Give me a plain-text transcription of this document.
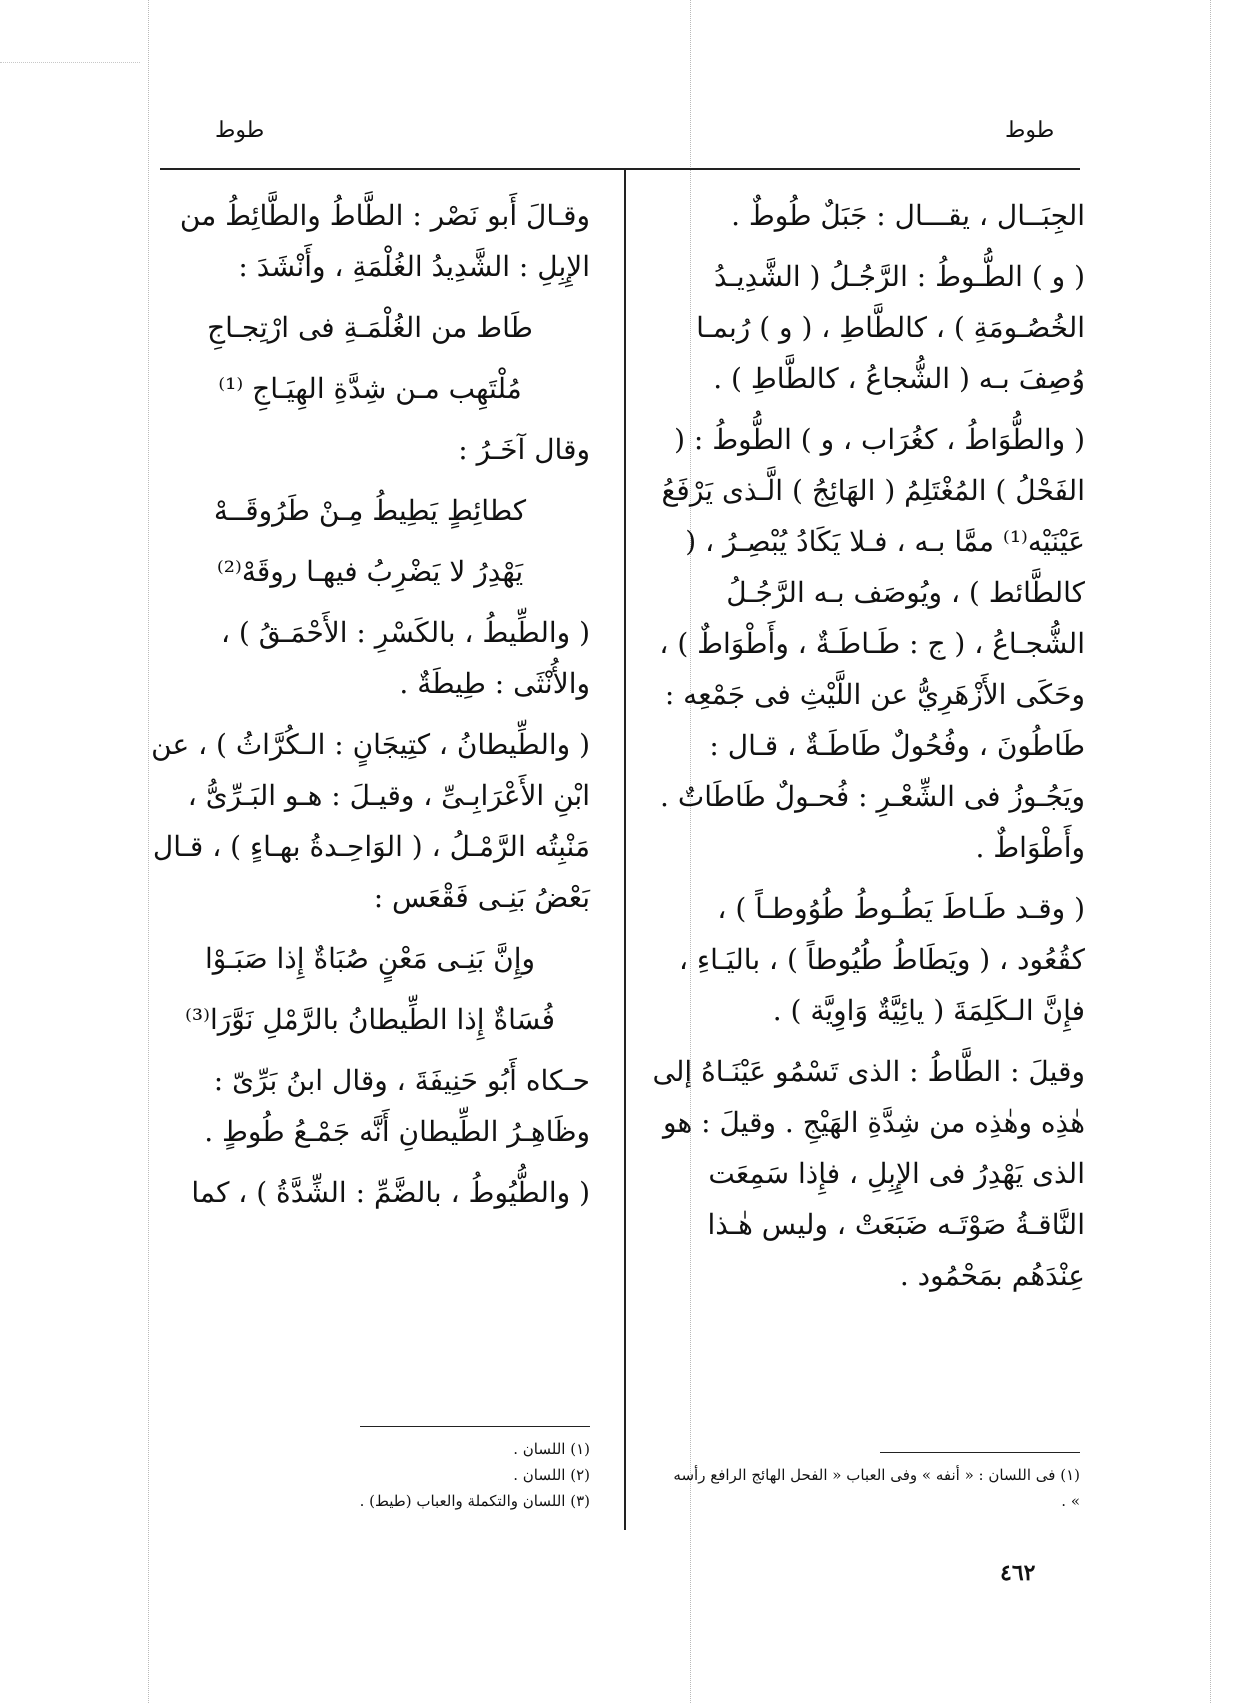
طوط	طوط

الجِبَــال ، يقـــال : جَبَلٌ طُوطٌ .

( و ) الطُّـوطُ : الرَّجُـلُ ( الشَّدِيـدُ الخُصُـومَةِ ) ، كالطَّاطِ ، ( و ) رُبمـا وُصِفَ بـه ( الشُّجاعُ ، كالطَّاطِ ) .

( والطُّوَاطُ ، كغُرَاب ، و ) الطُّوطُ : ( الفَحْلُ ) المُغْتَلِمُ ( الهَائِجُ ) الَّـذى يَرْفَعُ عَيْنَيْه⁽¹⁾ ممَّا بـه ، فـلا يَكَادُ يُبْصِـرُ ، ( كالطَّائط ) ، ويُوصَف بـه الرَّجُـلُ الشُّجـاعُ ، ( ج : طَـاطَـةٌ ، وأَطْوَاطٌ ) ، وحَكَى الأَزْهَرِيُّ عن اللَّيْثِ فى جَمْعِه : طَاطُونَ ، وفُحُولٌ طَاطَـةٌ ، قـال : ويَجُـوزُ فى الشِّعْـرِ : فُحـولٌ طَاطَاتٌ . وأَطْوَاطٌ .

( وقـد طَـاطَ يَطُـوطُ طُوُوطـاً ) ، كقُعُود ، ( ويَطَاطُ طُيُوطاً ) ، باليَـاءِ ، فإِنَّ الـكَلِمَةَ ( يائِيَّةٌ وَاوِيَّة ) .

وقيلَ : الطَّاطُ : الذى تَسْمُو عَيْنَـاهُ إلى هٰذِه وهٰذِه من شِدَّةِ الهَيْجِ . وقيلَ : هو الذى يَهْدِرُ فى الإِبِلِ ، فإِذا سَمِعَت النَّاقـةُ صَوْتَـه ضَبَعَتْ ، وليس هٰـذا عِنْدَهُم بمَحْمُود .

وقـالَ أَبو نَصْر : الطَّاطُ والطَّائِطُ من الإِبِلِ : الشَّدِيدُ الغُلْمَةِ ، وأَنْشَدَ :

طَاط من الغُلْمَـةِ فى ارْتِجـاجِ

مُلْتَهِب مـن شِدَّةِ الهِيَـاجِ ⁽¹⁾

وقال آخَـرُ :

كطائِطٍ يَطِيطُ مِـنْ طَرُوقَــهْ

يَهْدِرُ لا يَضْرِبُ فيهـا روقَهْ⁽²⁾

( والطِّيطُ ، بالكَسْرِ : الأَحْمَـقُ ) ، والأُنْثَى : طِيطَةٌ .

( والطِّيطانُ ، كتِيجَانٍ : الـكُرَّاثُ ) ، عن ابْنِ الأَعْرَابِـىِّ ، وقيـلَ : هـو البَـرِّىُّ ، مَنْبِتُه الرَّمْـلُ ، ( الوَاحِـدةُ بهـاءٍ ) ، قـال بَعْضُ بَنِـى فَقْعَس :

وإِنَّ بَنِـى مَعْنٍ صُبَاةٌ إِذا صَبَـوْا

فُسَاةٌ إِذا الطِّيطانُ بالرَّمْلِ نَوَّرَا⁽³⁾

حـكاه أَبُو حَنِيفَةَ ، وقال ابنُ بَرِّىّ : وظَاهِـرُ الطِّيطانِ أَنَّه جَمْـعُ طُوطٍ .

( والطُّيُوطُ ، بالضَّمِّ : الشِّدَّةُ ) ، كما

(١) اللسان .
(٢) اللسان .
(٣) اللسان والتكملة والعباب (طيط) .
(١) فى اللسان : « أنفه » وفى العباب « الفحل الهائج الرافع رأسه » .
٤٦٢
